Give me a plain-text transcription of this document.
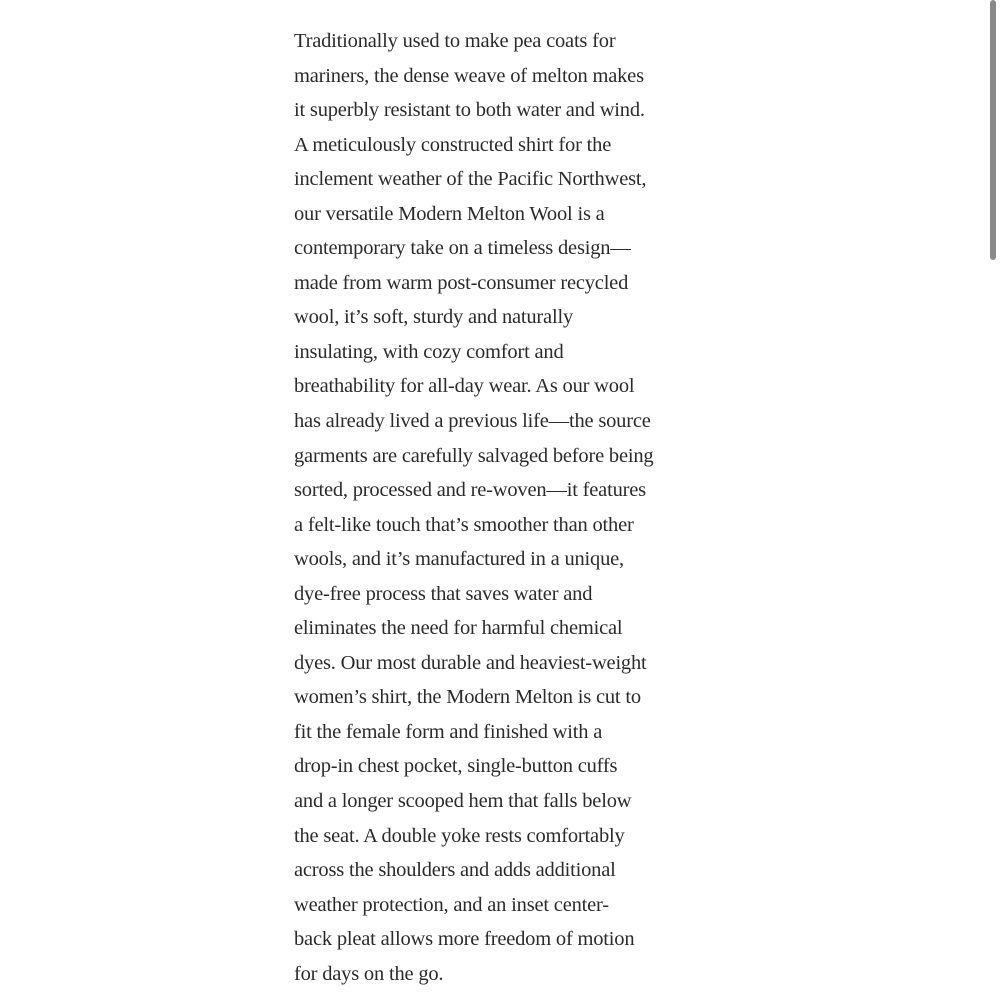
Traditionally used to make pea coats for
mariners, the dense weave of melton makes
it superbly resistant to both water and wind.
A meticulously constructed shirt for the
inclement weather of the Pacific Northwest,
our versatile Modern Melton Wool is a
contemporary take on a timeless design—
made from warm post-consumer recycled
wool, it’s soft, sturdy and naturally
insulating, with cozy comfort and
breathability for all-day wear. As our wool
has already lived a previous life—the source
garments are carefully salvaged before being
sorted, processed and re-woven—it features
a felt-like touch that’s smoother than other
wools, and it’s manufactured in a unique,
dye-free process that saves water and
eliminates the need for harmful chemical
dyes. Our most durable and heaviest-weight
women’s shirt, the Modern Melton is cut to
fit the female form and finished with a
drop-in chest pocket, single-button cuffs
and a longer scooped hem that falls below
the seat. A double yoke rests comfortably
across the shoulders and adds additional
weather protection, and an inset center-
back pleat allows more freedom of motion
for days on the go.
